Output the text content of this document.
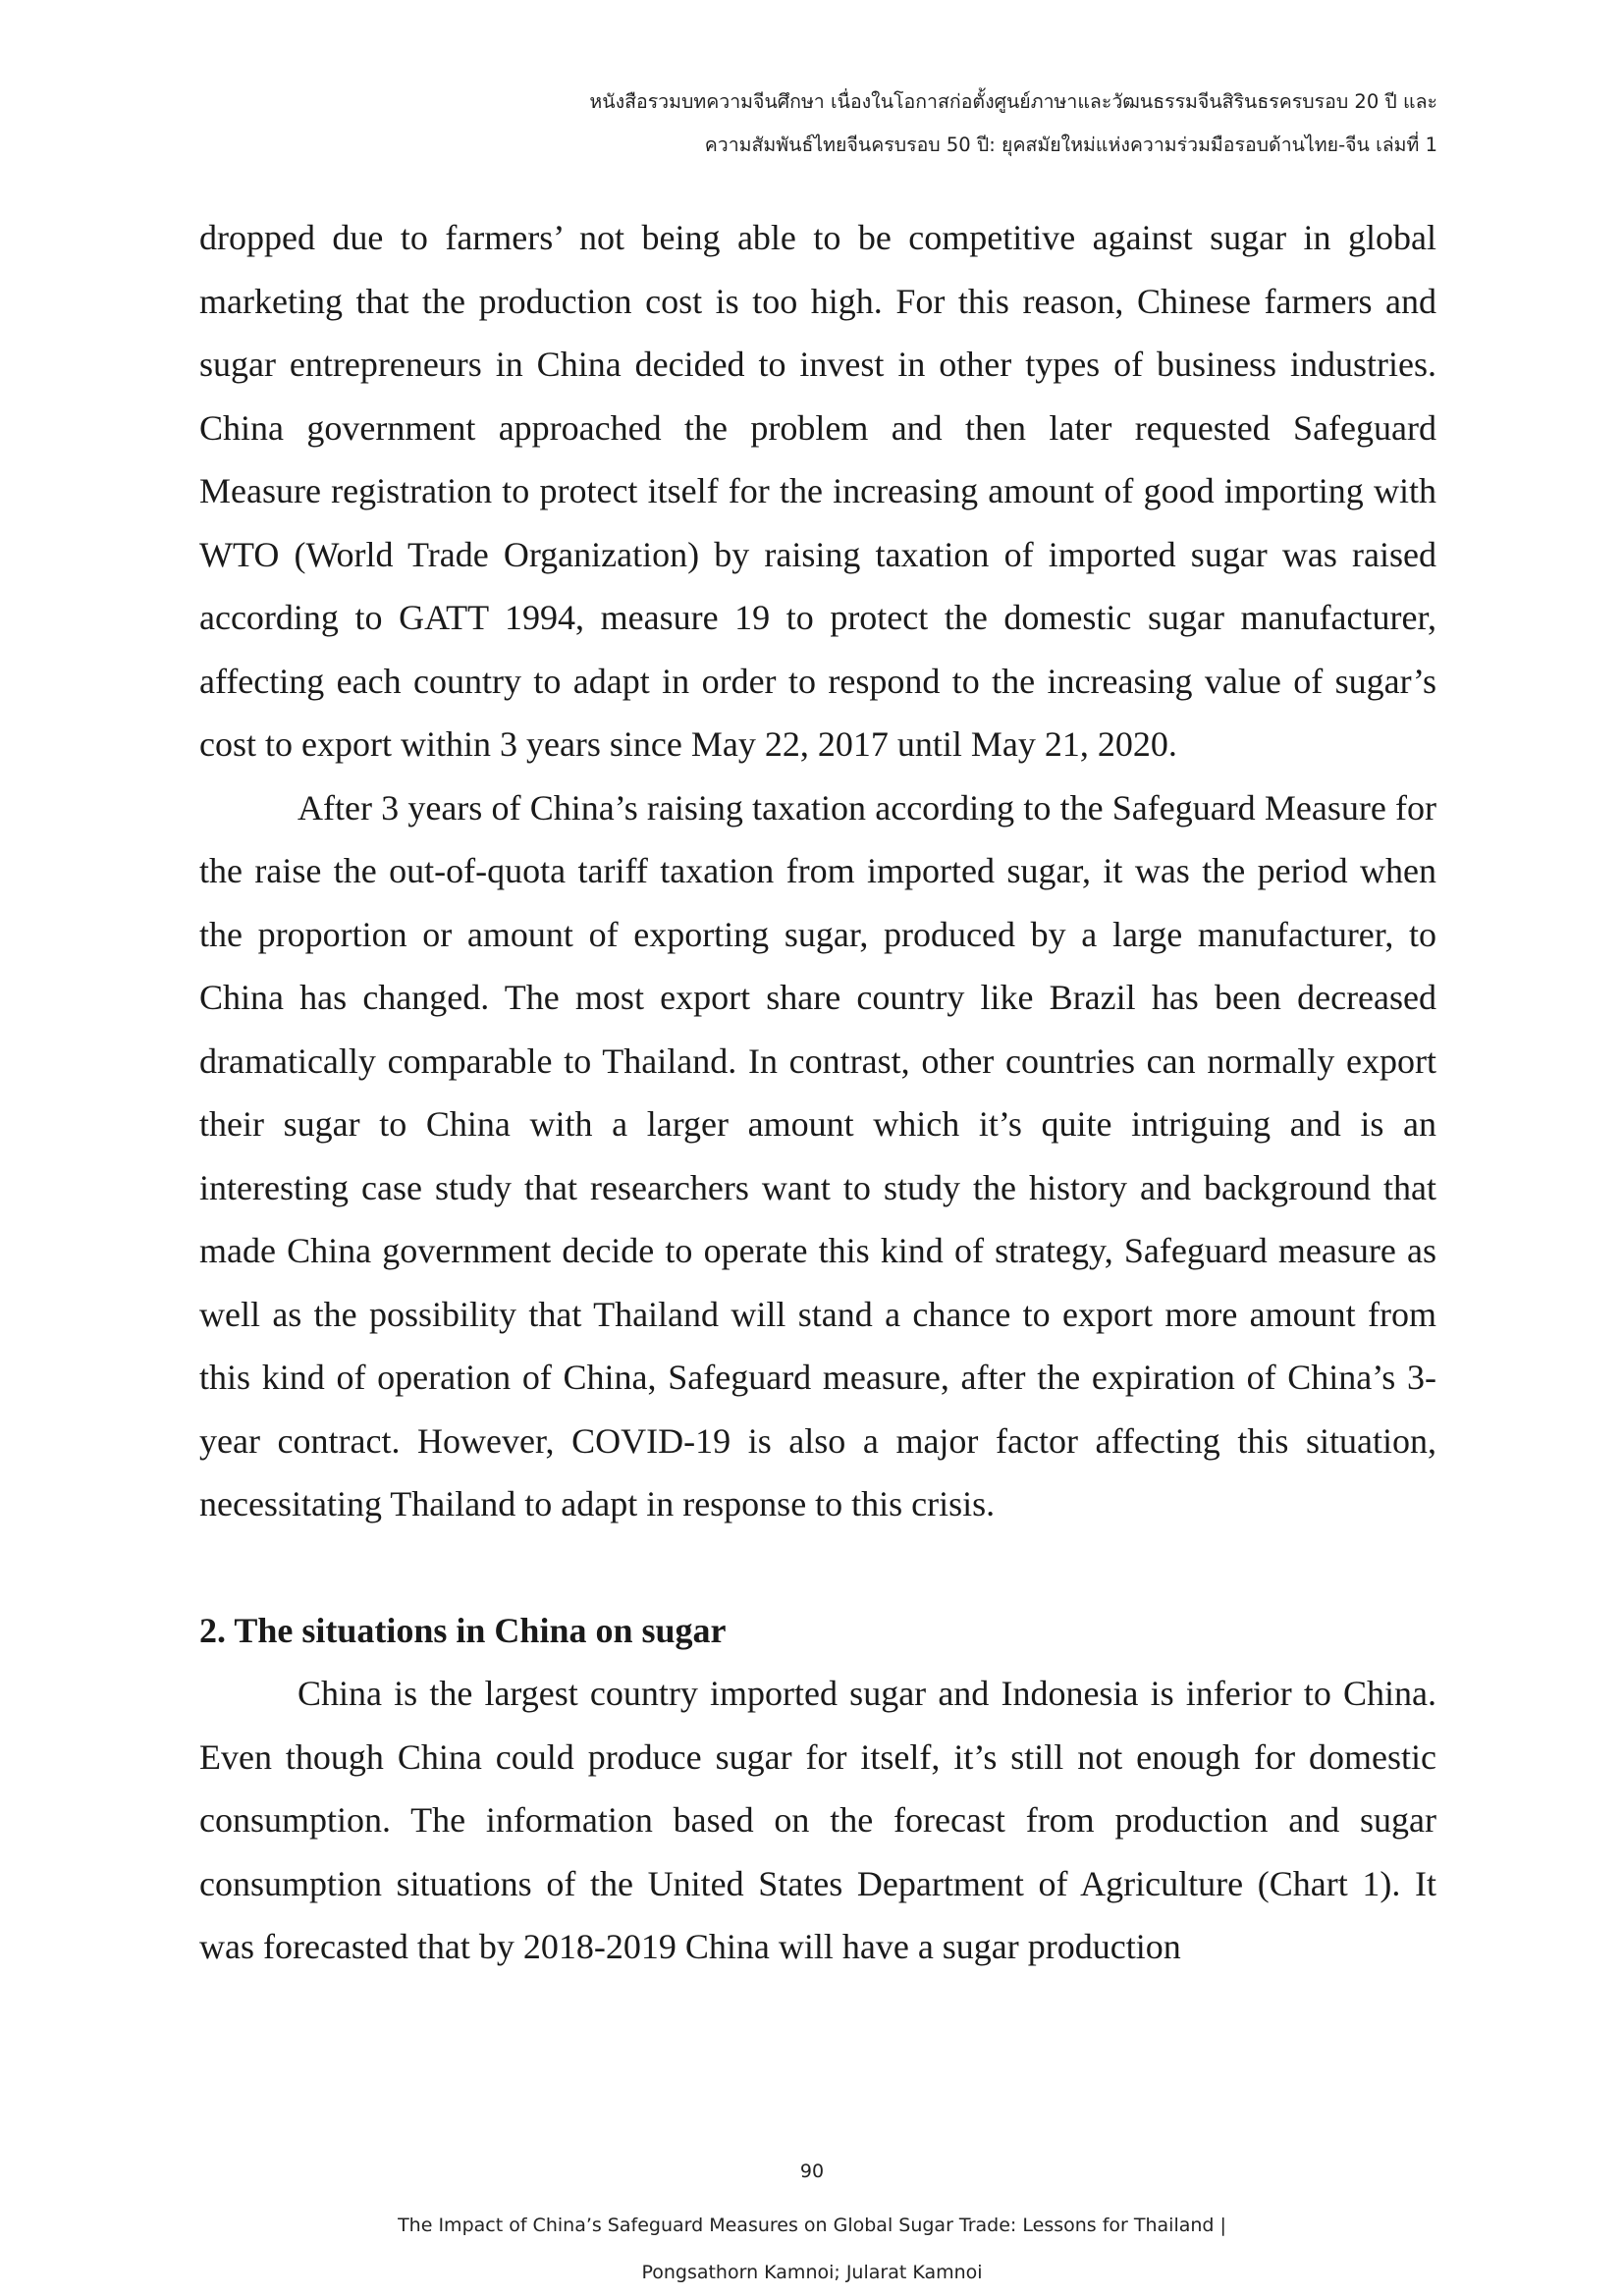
หนังสือรวมบทความจีนศึกษา เนื่องในโอกาสก่อตั้งศูนย์ภาษาและวัฒนธรรมจีนสิรินธรครบรอบ 20 ปี และ
ความสัมพันธ์ไทยจีนครบรอบ 50 ปี: ยุคสมัยใหม่แห่งความร่วมมือรอบด้านไทย-จีน เล่มที่ 1

dropped due to farmers’ not being able to be competitive against sugar in global marketing that the production cost is too high. For this reason, Chinese farmers and sugar entrepreneurs in China decided to invest in other types of business industries. China government approached the problem and then later requested Safeguard Measure registration to protect itself for the increasing amount of good importing with WTO (World Trade Organization) by raising taxation of imported sugar was raised according to GATT 1994, measure 19 to protect the domestic sugar manufacturer, affecting each country to adapt in order to respond to the increasing value of sugar’s cost to export within 3 years since May 22, 2017 until May 21, 2020.

After 3 years of China’s raising taxation according to the Safeguard Measure for the raise the out-of-quota tariff taxation from imported sugar, it was the period when the proportion or amount of exporting sugar, produced by a large manufacturer, to China has changed. The most export share country like Brazil has been decreased dramatically comparable to Thailand. In contrast, other countries can normally export their sugar to China with a larger amount which it’s quite intriguing and is an interesting case study that researchers want to study the history and background that made China government decide to operate this kind of strategy, Safeguard measure as well as the possibility that Thailand will stand a chance to export more amount from this kind of operation of China, Safeguard measure, after the expiration of China’s 3-year contract. However, COVID-19 is also a major factor affecting this situation, necessitating Thailand to adapt in response to this crisis.

2. The situations in China on sugar

China is the largest country imported sugar and Indonesia is inferior to China. Even though China could produce sugar for itself, it’s still not enough for domestic consumption. The information based on the forecast from production and sugar consumption situations of the United States Department of Agriculture (Chart 1). It was forecasted that by 2018-2019 China will have a sugar production

90
The Impact of China’s Safeguard Measures on Global Sugar Trade: Lessons for Thailand |
Pongsathorn Kamnoi; Jularat Kamnoi
